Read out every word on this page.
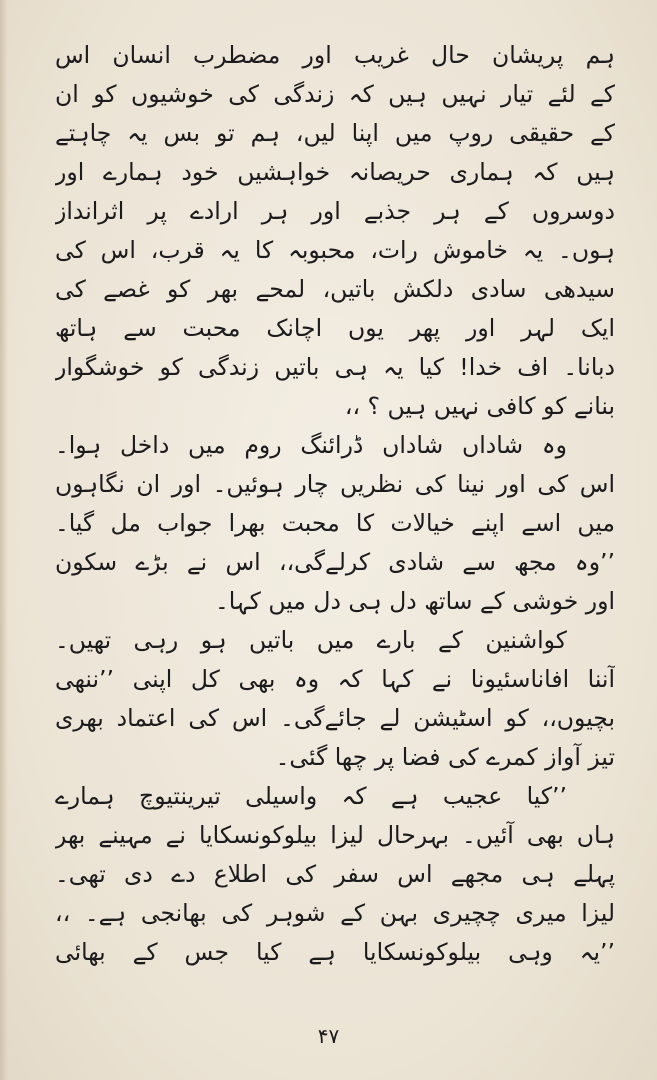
ہم پریشان حال غریب اور مضطرب انسان اس
کے لئے تیار نہیں ہیں کہ زندگی کی خوشیوں کو ان
کے حقیقی روپ میں اپنا لیں، ہم تو بس یہ چاہتے
ہیں کہ ہماری حریصانہ خواہشیں خود ہمارے اور
دوسروں کے ہر جذبے اور ہر ارادے پر اثرانداز
ہوں۔ یہ خاموش رات، محبوبہ کا یہ قرب، اس کی
سیدھی سادی دلکش باتیں، لمحے بھر کو غصے کی
ایک لہر اور پھر یوں اچانک محبت سے ہاتھ
دبانا۔ اف خدا! کیا یہ ہی باتیں زندگی کو خوشگوار
بنانے کو کافی نہیں ہیں ؟ ،،
وہ شاداں شاداں ڈرائنگ روم میں داخل ہوا۔
اس کی اور نینا کی نظریں چار ہوئیں۔ اور ان نگاہوں
میں اسے اپنے خیالات کا محبت بھرا جواب مل گیا۔
’’وہ مجھ سے شادی کرلےگی،، اس نے بڑے سکون
اور خوشی کے ساتھ دل ہی دل میں کہا۔
کواشنین کے بارے میں باتیں ہو رہی تھیں۔
آننا افاناسئیونا نے کہا کہ وہ بھی کل اپنی ’’ننھی
بچیوں،، کو اسٹیشن لے جائےگی۔ اس کی اعتماد بھری
تیز آواز کمرے کی فضا پر چھا گئی۔
’’کیا عجیب ہے کہ واسیلی تیرینتیوچ ہمارے
ہاں بھی آئیں۔ بہرحال لیزا بیلوکونسکایا نے مہینے بھر
پہلے ہی مجھے اس سفر کی اطلاع دے دی تھی۔
لیزا میری چچیری بہن کے شوہر کی بھانجی ہے۔ ،،
’’یہ وہی بیلوکونسکایا ہے کیا جس کے بھائی
۴۷
